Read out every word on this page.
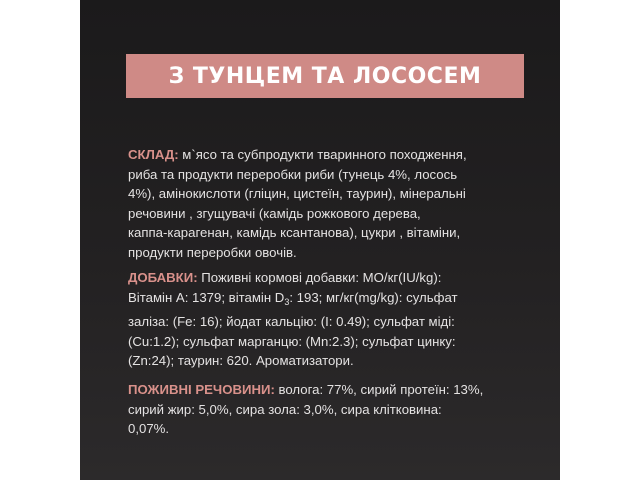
З ТУНЦЕМ ТА ЛОСОСЕМ
СКЛАД: м`ясо та субпродукти тваринного походження,
риба та продукти переробки риби (тунець 4%, лосось
4%), амінокислоти (гліцин, цистеїн, таурин), мінеральні
речовини , згущувачі (камідь рожкового дерева,
каппа-карагенан, камідь ксантанова), цукри , вітаміни,
продукти переробки овочів.
ДОБАВКИ: Поживні кормові добавки: МО/кг(IU/kg):
Вітамін А: 1379; вітамін $D_3$: 193; мг/кг(mg/kg): сульфат
заліза: (Fe: 16); йодат кальцію: (I: 0.49); сульфат міді:
(Cu:1.2); сульфат марганцю: (Mn:2.3); сульфат цинку:
(Zn:24); таурин: 620. Ароматизатори.
ПОЖИВНІ РЕЧОВИНИ: волога: 77%, сирий протеїн: 13%,
сирий жир: 5,0%, сира зола: 3,0%, сира клітковина:
0,07%.
